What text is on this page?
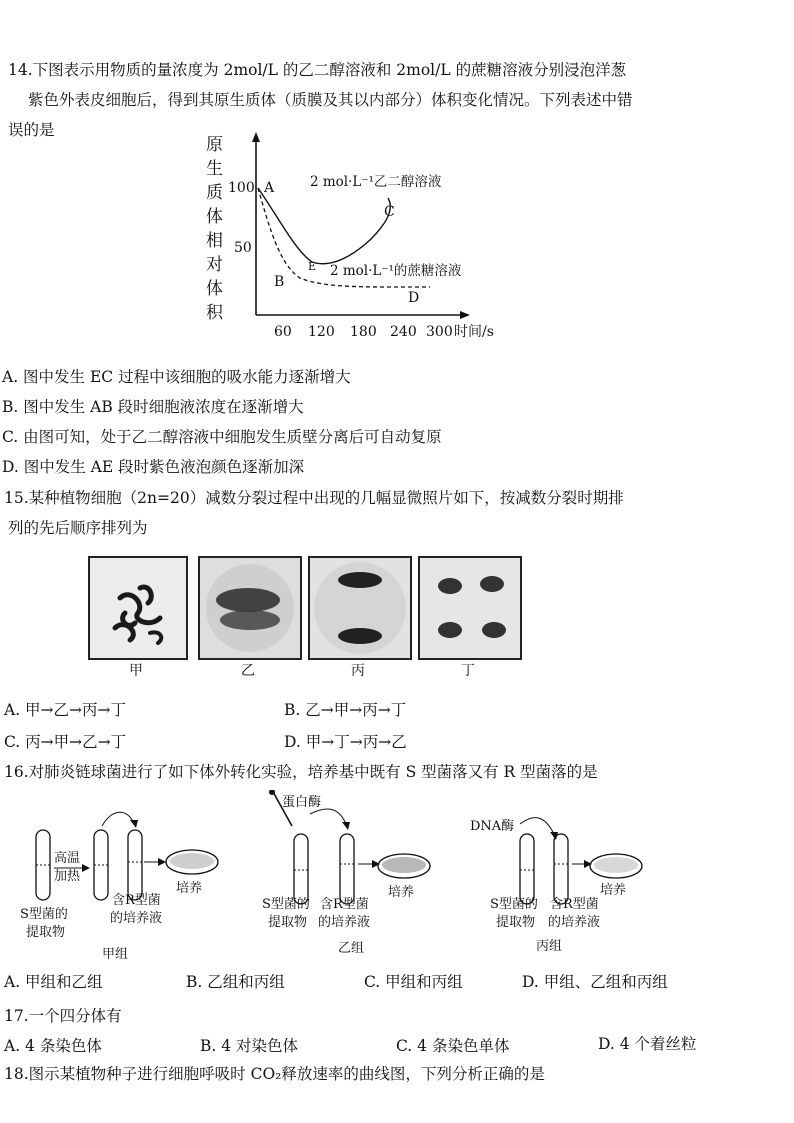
14.下图表示用物质的量浓度为 2mol/L 的乙二醇溶液和 2mol/L 的蔗糖溶液分别浸泡洋葱
紫色外表皮细胞后，得到其原生质体（质膜及其以内部分）体积变化情况。下列表述中错
误的是
原
生
质
体
相
对
体
积
100
50
60 120 180 240 300 时间/s
A
B
C
D
E
2 mol·L⁻¹乙二醇溶液
2 mol·L⁻¹的蔗糖溶液
A. 图中发生 EC 过程中该细胞的吸水能力逐渐增大
B. 图中发生 AB 段时细胞液浓度在逐渐增大
C. 由图可知，处于乙二醇溶液中细胞发生质壁分离后可自动复原
D. 图中发生 AE 段时紫色液泡颜色逐渐加深
15.某种植物细胞（2n=20）减数分裂过程中出现的几幅显微照片如下，按减数分裂时期排
列的先后顺序排列为
甲	乙	丙	丁
A. 甲→乙→丙→丁	B. 乙→甲→丙→丁
C. 丙→甲→乙→丁	D. 甲→丁→丙→乙
16.对肺炎链球菌进行了如下体外转化实验，培养基中既有 S 型菌落又有 R 型菌落的是
高温
加热
培养
S型菌的
提取物
含R型菌
的培养液
甲组
蛋白酶
培养
S型菌的
提取物
含R型菌
的培养液
乙组
DNA酶
培养
S型菌的
提取物
含R型菌
的培养液
丙组
A. 甲组和乙组	B. 乙组和丙组	C. 甲组和丙组	D. 甲组、乙组和丙组
17.一个四分体有
A. 4 条染色体	B. 4 对染色体	C. 4 条染色单体	D. 4 个着丝粒
18.图示某植物种子进行细胞呼吸时 CO₂释放速率的曲线图，下列分析正确的是
